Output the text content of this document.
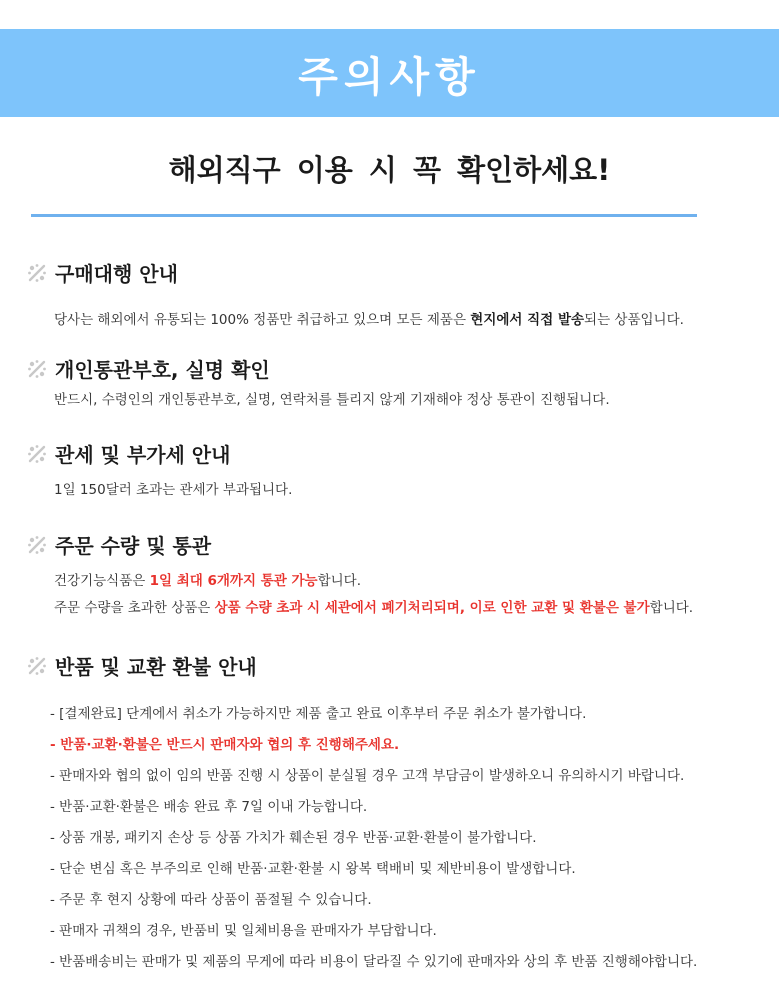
주의사항
해외직구 이용 시 꼭 확인하세요!
구매대행 안내
당사는 해외에서 유통되는 100% 정품만 취급하고 있으며 모든 제품은 현지에서 직접 발송되는 상품입니다.
개인통관부호, 실명 확인
반드시, 수령인의 개인통관부호, 실명, 연락처를 틀리지 않게 기재해야 정상 통관이 진행됩니다.
관세 및 부가세 안내
1일 150달러 초과는 관세가 부과됩니다.
주문 수량 및 통관
건강기능식품은 1일 최대 6개까지 통관 가능합니다.
주문 수량을 초과한 상품은 상품 수량 초과 시 세관에서 폐기처리되며, 이로 인한 교환 및 환불은 불가합니다.
반품 및 교환 환불 안내
- [결제완료] 단계에서 취소가 가능하지만 제품 출고 완료 이후부터 주문 취소가 불가합니다.
- 반품·교환·환불은 반드시 판매자와 협의 후 진행해주세요.
- 판매자와 협의 없이 임의 반품 진행 시 상품이 분실될 경우 고객 부담금이 발생하오니 유의하시기 바랍니다.
- 반품·교환·환불은 배송 완료 후 7일 이내 가능합니다.
- 상품 개봉, 패키지 손상 등 상품 가치가 훼손된 경우 반품·교환·환불이 불가합니다.
- 단순 변심 혹은 부주의로 인해 반품·교환·환불 시 왕복 택배비 및 제반비용이 발생합니다.
- 주문 후 현지 상황에 따라 상품이 품절될 수 있습니다.
- 판매자 귀책의 경우, 반품비 및 일체비용을 판매자가 부담합니다.
- 반품배송비는 판매가 및 제품의 무게에 따라 비용이 달라질 수 있기에 판매자와 상의 후 반품 진행해야합니다.
